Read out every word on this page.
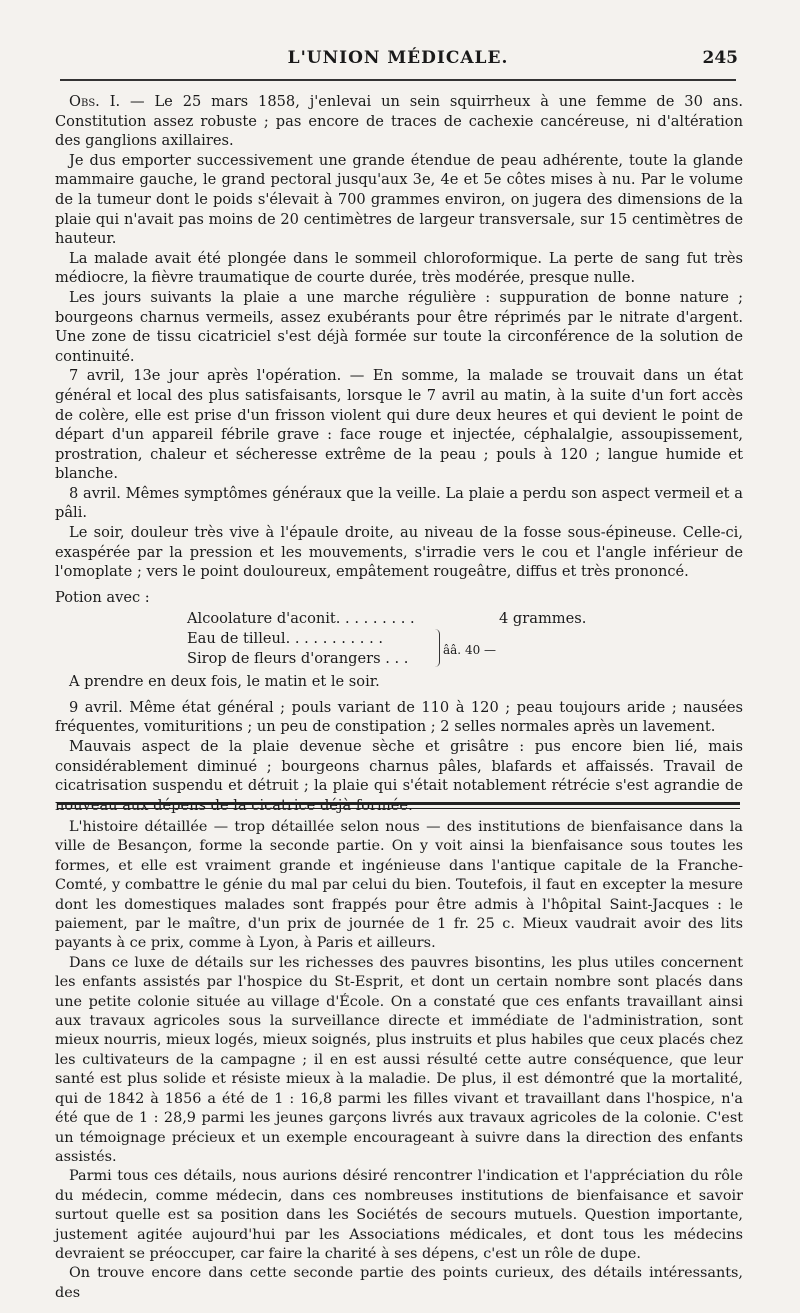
L'UNION MÉDICALE.	245

Obs. I. — Le 25 mars 1858, j'enlevai un sein squirrheux à une femme de 30 ans. Constitution assez robuste ; pas encore de traces de cachexie cancéreuse, ni d'altération des ganglions axillaires.

Je dus emporter successivement une grande étendue de peau adhérente, toute la glande mammaire gauche, le grand pectoral jusqu'aux 3e, 4e et 5e côtes mises à nu. Par le volume de la tumeur dont le poids s'élevait à 700 grammes environ, on jugera des dimensions de la plaie qui n'avait pas moins de 20 centimètres de largeur transversale, sur 15 centimètres de hauteur.

La malade avait été plongée dans le sommeil chloroformique. La perte de sang fut très médiocre, la fièvre traumatique de courte durée, très modérée, presque nulle.

Les jours suivants la plaie a une marche régulière : suppuration de bonne nature ; bourgeons charnus vermeils, assez exubérants pour être réprimés par le nitrate d'argent. Une zone de tissu cicatriciel s'est déjà formée sur toute la circonférence de la solution de continuité.

7 avril, 13e jour après l'opération. — En somme, la malade se trouvait dans un état général et local des plus satisfaisants, lorsque le 7 avril au matin, à la suite d'un fort accès de colère, elle est prise d'un frisson violent qui dure deux heures et qui devient le point de départ d'un appareil fébrile grave : face rouge et injectée, céphalalgie, assoupissement, prostration, chaleur et sécheresse extrême de la peau ; pouls à 120 ; langue humide et blanche.

8 avril. Mêmes symptômes généraux que la veille. La plaie a perdu son aspect vermeil et a pâli.

Le soir, douleur très vive à l'épaule droite, au niveau de la fosse sous-épineuse. Celle-ci, exaspérée par la pression et les mouvements, s'irradie vers le cou et l'angle inférieur de l'omoplate ; vers le point douloureux, empâtement rougeâtre, diffus et très prononcé.

Potion avec :

Alcoolature d'aconit. . . . . . . . .	4 grammes.
Eau de tilleul. . . . . . . . . . .
ââ. 40 —
Sirop de fleurs d'orangers . . .

A prendre en deux fois, le matin et le soir.

9 avril. Même état général ; pouls variant de 110 à 120 ; peau toujours aride ; nausées fréquentes, vomituritions ; un peu de constipation ; 2 selles normales après un lavement.

Mauvais aspect de la plaie devenue sèche et grisâtre : pus encore bien lié, mais considérablement diminué ; bourgeons charnus pâles, blafards et affaissés. Travail de cicatrisation suspendu et détruit ; la plaie qui s'était notablement rétrécie s'est agrandie de nouveau aux dépens de la cicatrice déjà formée.

L'histoire détaillée — trop détaillée selon nous — des institutions de bienfaisance dans la ville de Besançon, forme la seconde partie. On y voit ainsi la bienfaisance sous toutes les formes, et elle est vraiment grande et ingénieuse dans l'antique capitale de la Franche-Comté, y combattre le génie du mal par celui du bien. Toutefois, il faut en excepter la mesure dont les domestiques malades sont frappés pour être admis à l'hôpital Saint-Jacques : le paiement, par le maître, d'un prix de journée de 1 fr. 25 c. Mieux vaudrait avoir des lits payants à ce prix, comme à Lyon, à Paris et ailleurs.

Dans ce luxe de détails sur les richesses des pauvres bisontins, les plus utiles concernent les enfants assistés par l'hospice du St-Esprit, et dont un certain nombre sont placés dans une petite colonie située au village d'École. On a constaté que ces enfants travaillant ainsi aux travaux agricoles sous la surveillance directe et immédiate de l'administration, sont mieux nourris, mieux logés, mieux soignés, plus instruits et plus habiles que ceux placés chez les cultivateurs de la campagne ; il en est aussi résulté cette autre conséquence, que leur santé est plus solide et résiste mieux à la maladie. De plus, il est démontré que la mortalité, qui de 1842 à 1856 a été de 1 : 16,8 parmi les filles vivant et travaillant dans l'hospice, n'a été que de 1 : 28,9 parmi les jeunes garçons livrés aux travaux agricoles de la colonie. C'est un témoignage précieux et un exemple encourageant à suivre dans la direction des enfants assistés.

Parmi tous ces détails, nous aurions désiré rencontrer l'indication et l'appréciation du rôle du médecin, comme médecin, dans ces nombreuses institutions de bienfaisance et savoir surtout quelle est sa position dans les Sociétés de secours mutuels. Question importante, justement agitée aujourd'hui par les Associations médicales, et dont tous les médecins devraient se préoccuper, car faire la charité à ses dépens, c'est un rôle de dupe.

On trouve encore dans cette seconde partie des points curieux, des détails intéressants, des
